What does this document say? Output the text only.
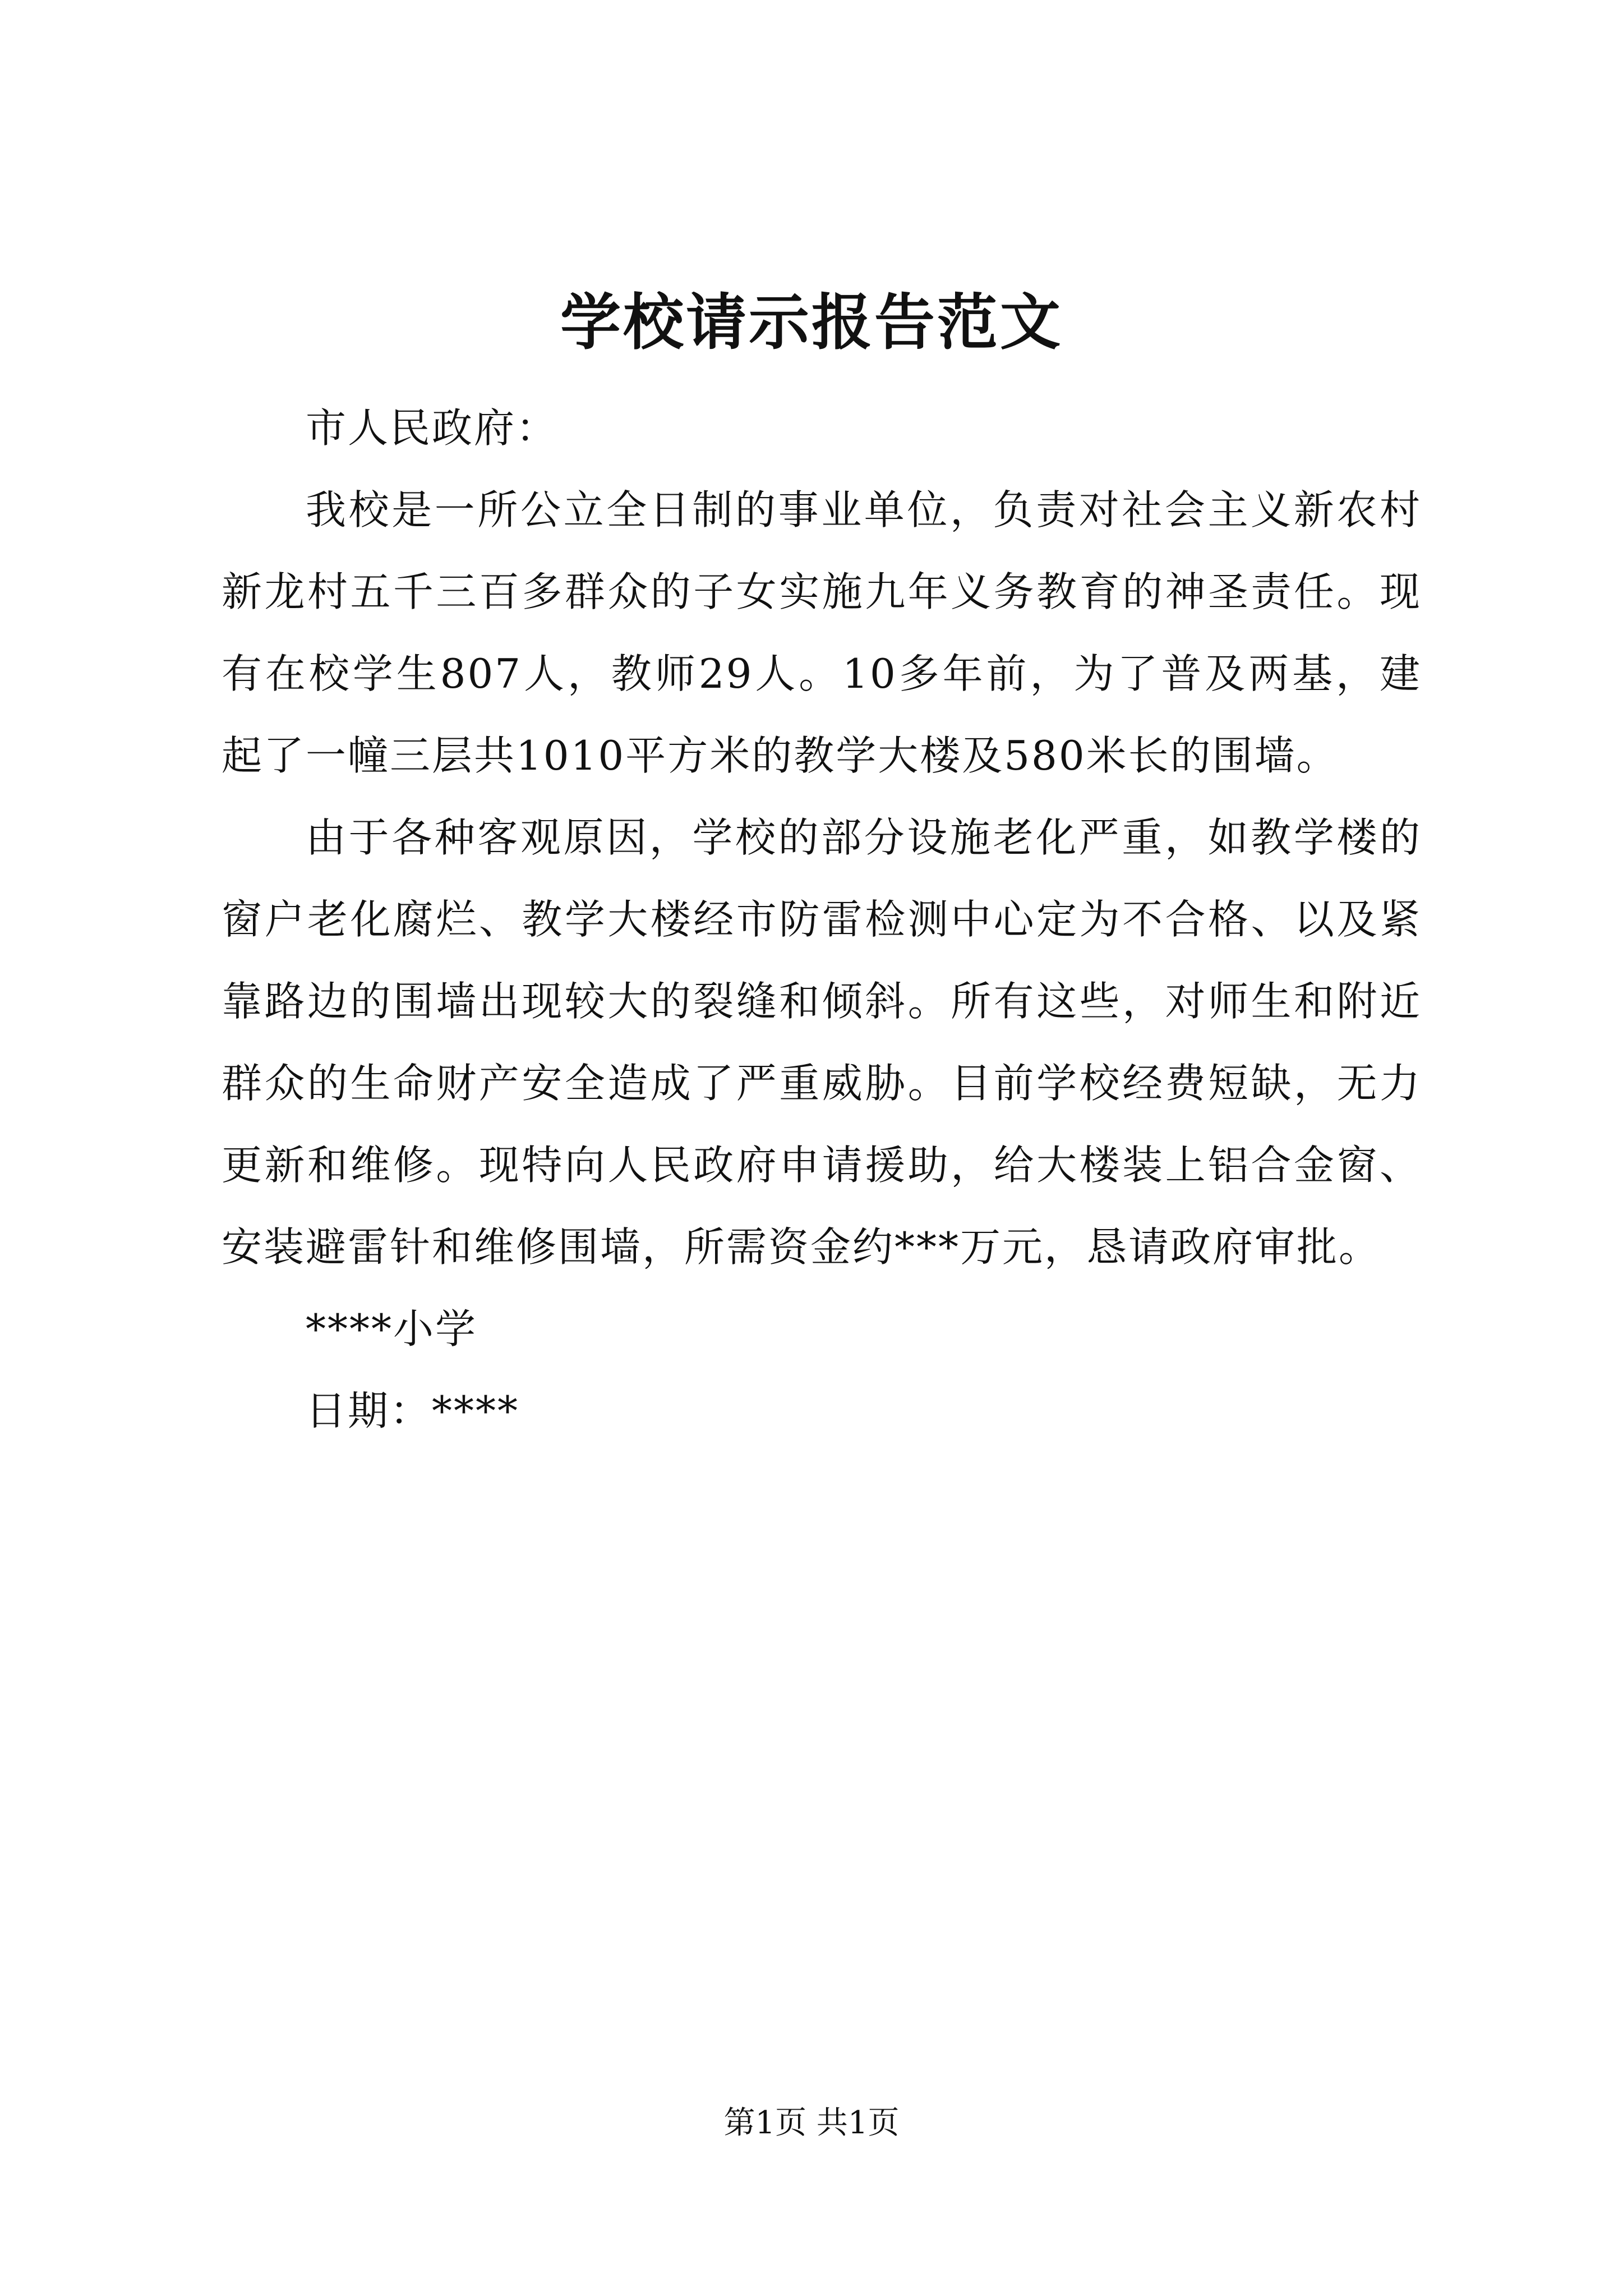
学校请示报告范文

市人民政府：

我校是一所公立全日制的事业单位，负责对社会主义新农村新龙村五千三百多群众的子女实施九年义务教育的神圣责任。现有在校学生807人，教师29人。10多年前，为了普及两基，建起了一幢三层共1010平方米的教学大楼及580米长的围墙。

由于各种客观原因，学校的部分设施老化严重，如教学楼的窗户老化腐烂、教学大楼经市防雷检测中心定为不合格、以及紧靠路边的围墙出现较大的裂缝和倾斜。所有这些，对师生和附近群众的生命财产安全造成了严重威胁。目前学校经费短缺，无力更新和维修。现特向人民政府申请援助，给大楼装上铝合金窗、安装避雷针和维修围墙，所需资金约***万元，恳请政府审批。

****小学

日期：****

第1页 共1页
